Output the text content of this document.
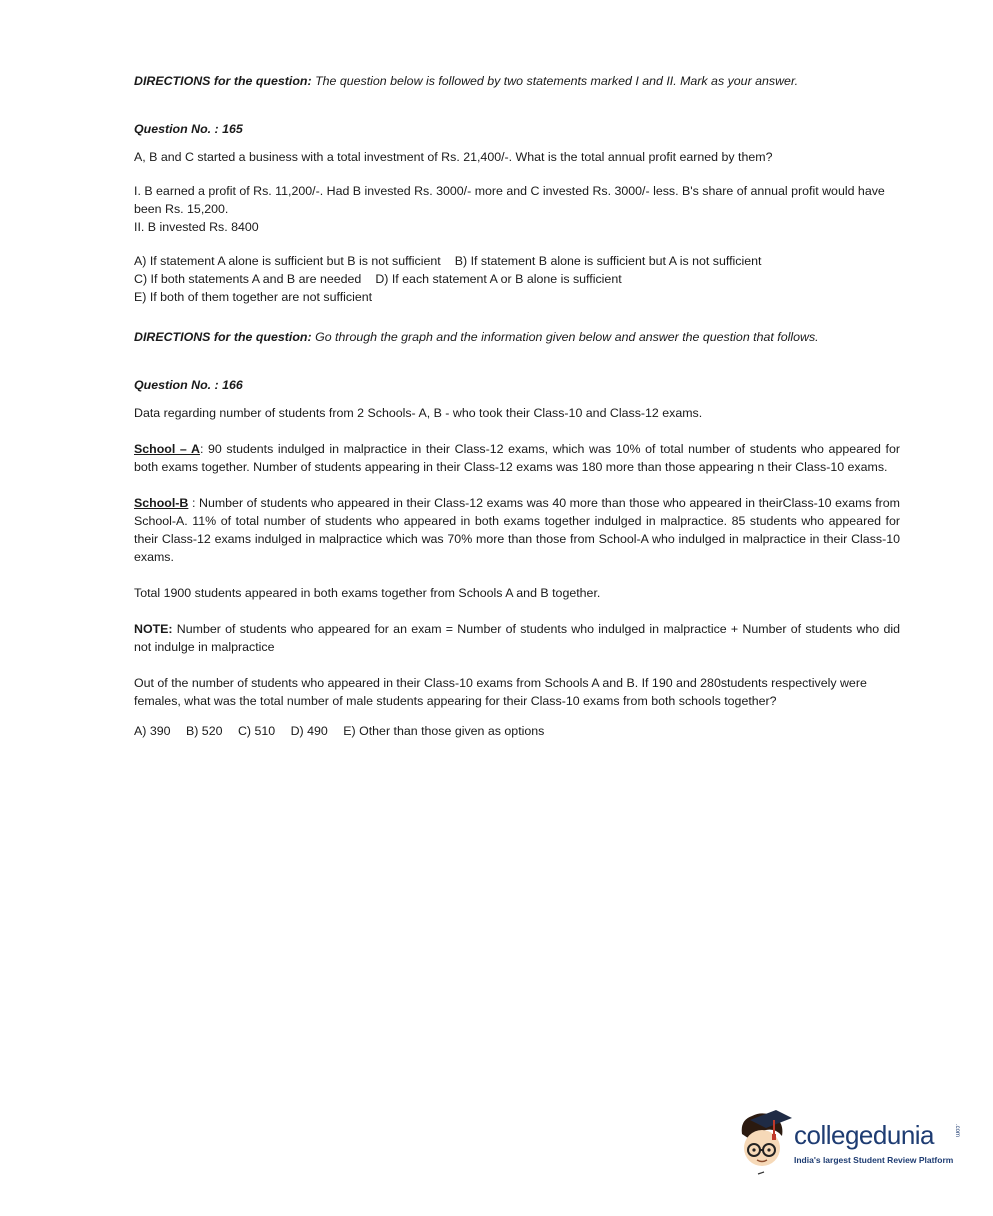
DIRECTIONS for the question: The question below is followed by two statements marked I and II. Mark as your answer.

Question No. : 165

A, B and C started a business with a total investment of Rs. 21,400/-. What is the total annual profit earned by them?

I. B earned a profit of Rs. 11,200/-. Had B invested Rs. 3000/- more and C invested Rs. 3000/- less. B's share of annual profit would have been Rs. 15,200.

II. B invested Rs. 8400

A) If statement A alone is sufficient but B is not sufficient B) If statement B alone is sufficient but A is not sufficient

C) If both statements A and B are needed D) If each statement A or B alone is sufficient

E) If both of them together are not sufficient

DIRECTIONS for the question: Go through the graph and the information given below and answer the question that follows.

Question No. : 166

Data regarding number of students from 2 Schools- A, B - who took their Class-10 and Class-12 exams.

School – A: 90 students indulged in malpractice in their Class-12 exams, which was 10% of total number of students who appeared for both exams together. Number of students appearing in their Class-12 exams was 180 more than those appearing n their Class-10 exams.

School-B : Number of students who appeared in their Class-12 exams was 40 more than those who appeared in theirClass-10 exams from School-A. 11% of total number of students who appeared in both exams together indulged in malpractice. 85 students who appeared for their Class-12 exams indulged in malpractice which was 70% more than those from School-A who indulged in malpractice in their Class-10 exams.

Total 1900 students appeared in both exams together from Schools A and B together.

NOTE: Number of students who appeared for an exam = Number of students who indulged in malpractice + Number of students who did not indulge in malpractice

Out of the number of students who appeared in their Class-10 exams from Schools A and B. If 190 and 280students respectively were females, what was the total number of male students appearing for their Class-10 exams from both schools together?

A) 390 B) 520 C) 510 D) 490 E) Other than those given as options

collegedunia	.com
India's largest Student Review Platform
